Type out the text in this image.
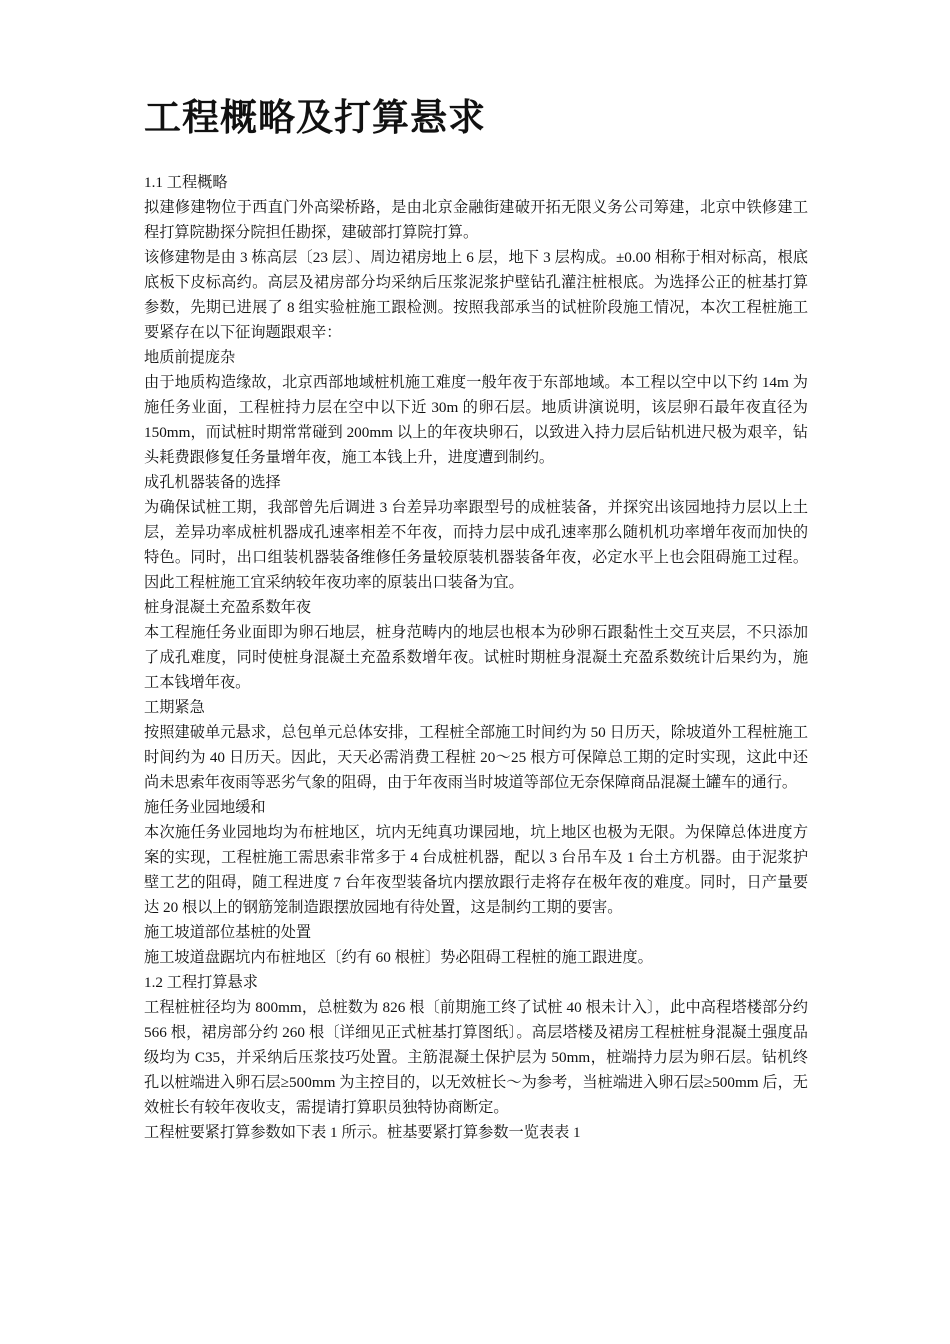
工程概略及打算悬求

1.1 工程概略

拟建修建物位于西直门外高梁桥路，是由北京金融街建破开拓无限义务公司筹建，北京中铁修建工程打算院勘探分院担任勘探，建破部打算院打算。

该修建物是由 3 栋高层〔23 层〕、周边裙房地上 6 层，地下 3 层构成。±0.00 相称于相对标高，根底底板下皮标高约。高层及裙房部分均采纳后压浆泥浆护壁钻孔灌注桩根底。为选择公正的桩基打算参数，先期已进展了 8 组实验桩施工跟检测。按照我部承当的试桩阶段施工情况，本次工程桩施工要紧存在以下征询题跟艰辛：

地质前提庞杂

由于地质构造缘故，北京西部地域桩机施工难度一般年夜于东部地域。本工程以空中以下约 14m 为施任务业面，工程桩持力层在空中以下近 30m 的卵石层。地质讲演说明，该层卵石最年夜直径为 150mm，而试桩时期常常碰到 200mm 以上的年夜块卵石，以致进入持力层后钻机进尺极为艰辛，钻头耗费跟修复任务量增年夜，施工本钱上升，进度遭到制约。

成孔机器装备的选择

为确保试桩工期，我部曾先后调进 3 台差异功率跟型号的成桩装备，并探究出该园地持力层以上土层，差异功率成桩机器成孔速率相差不年夜，而持力层中成孔速率那么随机机功率增年夜而加快的特色。同时，出口组装机器装备维修任务量较原装机器装备年夜，必定水平上也会阻碍施工过程。因此工程桩施工宜采纳较年夜功率的原装出口装备为宜。

桩身混凝土充盈系数年夜

本工程施任务业面即为卵石地层，桩身范畴内的地层也根本为砂卵石跟黏性土交互夹层，不只添加了成孔难度，同时使桩身混凝土充盈系数增年夜。试桩时期桩身混凝土充盈系数统计后果约为，施工本钱增年夜。

工期紧急

按照建破单元悬求，总包单元总体安排，工程桩全部施工时间约为 50 日历天，除坡道外工程桩施工时间约为 40 日历天。因此，天天必需消费工程桩 20～25 根方可保障总工期的定时实现，这此中还尚未思索年夜雨等恶劣气象的阻碍，由于年夜雨当时坡道等部位无奈保障商品混凝土罐车的通行。

施任务业园地缓和

本次施任务业园地均为布桩地区，坑内无纯真功课园地，坑上地区也极为无限。为保障总体进度方案的实现，工程桩施工需思索非常多于 4 台成桩机器，配以 3 台吊车及 1 台土方机器。由于泥浆护壁工艺的阻碍，随工程进度 7 台年夜型装备坑内摆放跟行走将存在极年夜的难度。同时，日产量要达 20 根以上的钢筋笼制造跟摆放园地有待处置，这是制约工期的要害。

施工坡道部位基桩的处置

施工坡道盘踞坑内布桩地区〔约有 60 根桩〕势必阻碍工程桩的施工跟进度。

1.2 工程打算悬求

工程桩桩径均为 800mm，总桩数为 826 根〔前期施工终了试桩 40 根未计入〕，此中高程塔楼部分约 566 根，裙房部分约 260 根〔详细见正式桩基打算图纸〕。高层塔楼及裙房工程桩桩身混凝土强度品级均为 C35，并采纳后压浆技巧处置。主筋混凝土保护层为 50mm，桩端持力层为卵石层。钻机终孔以桩端进入卵石层≥500mm 为主控目的，以无效桩长～为参考，当桩端进入卵石层≥500mm 后，无效桩长有较年夜收支，需提请打算职员独特协商断定。

工程桩要紧打算参数如下表 1 所示。桩基要紧打算参数一览表表 1
